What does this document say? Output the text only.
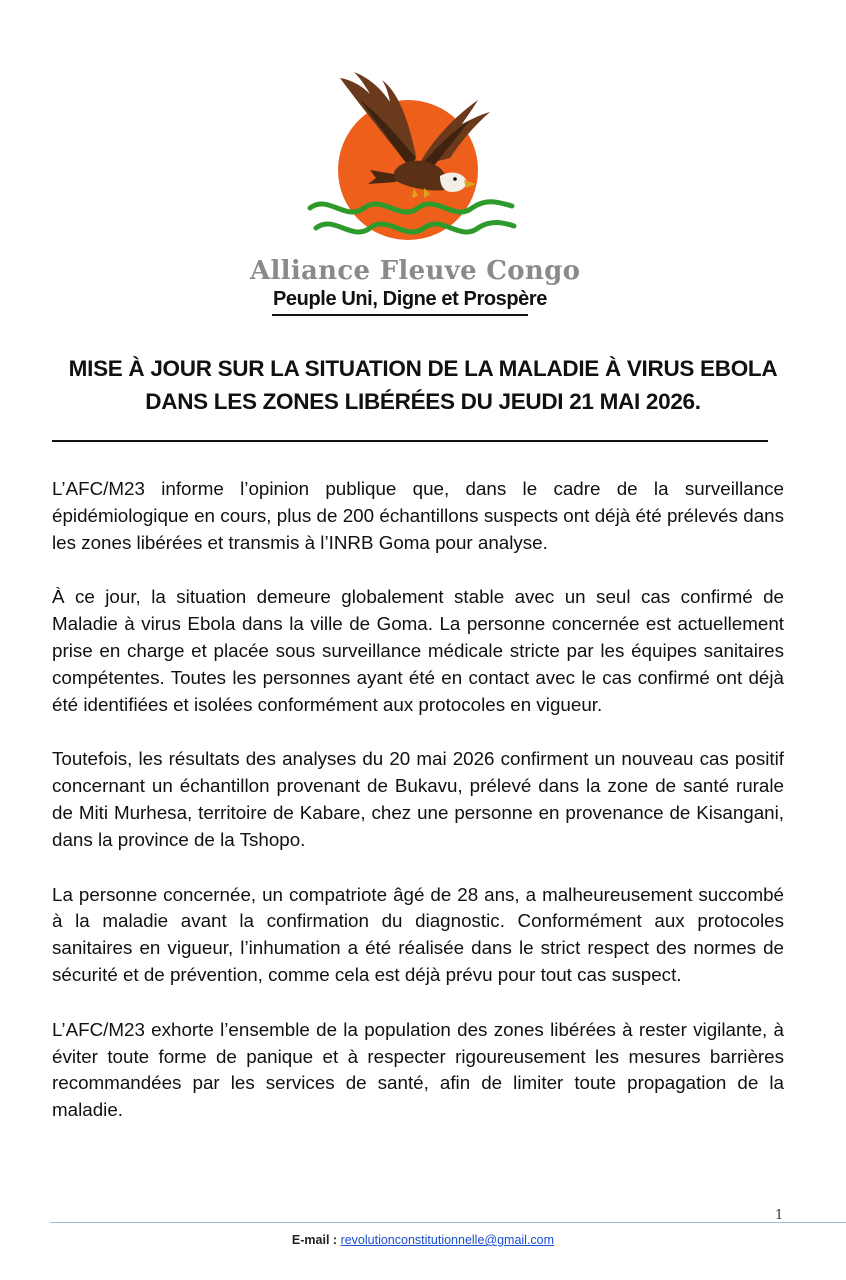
Alliance Fleuve Congo
Peuple Uni, Digne et Prospère
MISE À JOUR SUR LA SITUATION DE LA MALADIE À VIRUS EBOLA
DANS LES ZONES LIBÉRÉES DU JEUDI 21 MAI 2026.

L’AFC/M23 informe l’opinion publique que, dans le cadre de la surveillance épidémiologique en cours, plus de 200 échantillons suspects ont déjà été prélevés dans les zones libérées et transmis à l’INRB Goma pour analyse.

À ce jour, la situation demeure globalement stable avec un seul cas confirmé de Maladie à virus Ebola dans la ville de Goma. La personne concernée est actuellement prise en charge et placée sous surveillance médicale stricte par les équipes sanitaires compétentes. Toutes les personnes ayant été en contact avec le cas confirmé ont déjà été identifiées et isolées conformément aux protocoles en vigueur.

Toutefois, les résultats des analyses du 20 mai 2026 confirment un nouveau cas positif concernant un échantillon provenant de Bukavu, prélevé dans la zone de santé rurale de Miti Murhesa, territoire de Kabare, chez une personne en provenance de Kisangani, dans la province de la Tshopo.

La personne concernée, un compatriote âgé de 28 ans, a malheureusement succombé à la maladie avant la confirmation du diagnostic. Conformément aux protocoles sanitaires en vigueur, l’inhumation a été réalisée dans le strict respect des normes de sécurité et de prévention, comme cela est déjà prévu pour tout cas suspect.

L’AFC/M23 exhorte l’ensemble de la population des zones libérées à rester vigilante, à éviter toute forme de panique et à respecter rigoureusement les mesures barrières recommandées par les services de santé, afin de limiter toute propagation de la maladie.

1
E-mail : revolutionconstitutionnelle@gmail.com
